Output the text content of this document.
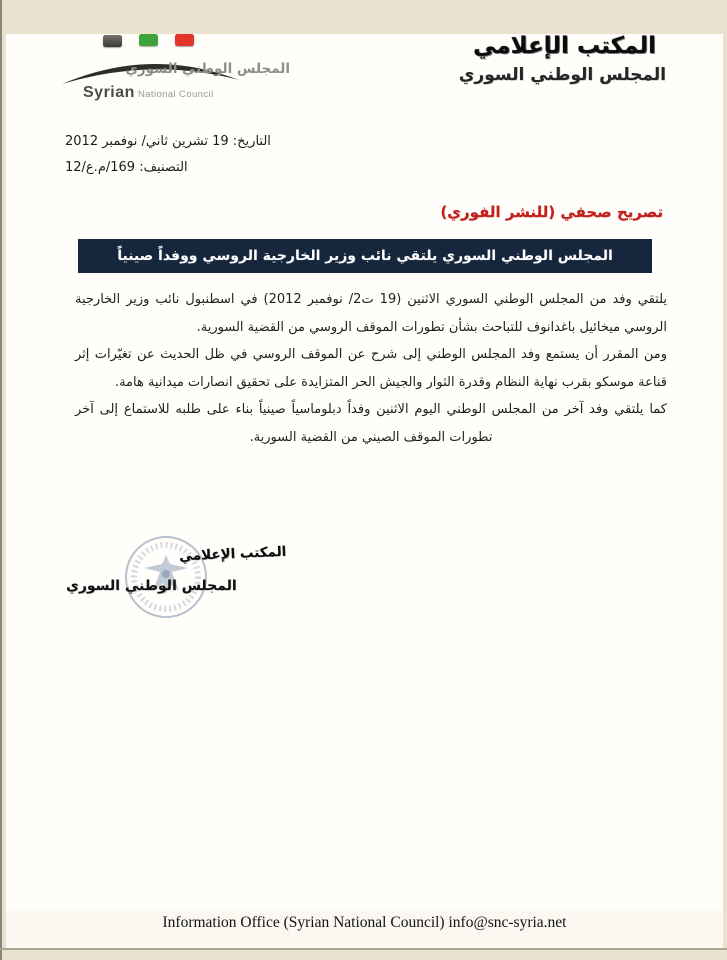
المجلس الوطني السوري
Syrian National Council
المكتب الإعلامي
المجلس الوطني السوري
التاريخ: 19 تشرين ثاني/ نوفمبر 2012
التصنيف: 169/م.ع/12
تصريح صحفي (للنشر الفوري)
المجلس الوطني السوري يلتقي نائب وزير الخارجية الروسي ووفداً صينياً

يلتقي وفد من المجلس الوطني السوري الاثنين (19 ت2/ نوفمبر 2012) في اسطنبول نائب وزير الخارجية الروسي ميخائيل باغدانوف للتباحث بشأن تطورات الموقف الروسي من القضية السورية.

ومن المقرر أن يستمع وفد المجلس الوطني إلى شرح عن الموقف الروسي في ظل الحديث عن تغيّرات إثر قناعة موسكو بقرب نهاية النظام وقدرة الثوار والجيش الحر المتزايدة على تحقيق انصارات ميدانية هامة.

كما يلتقي وفد آخر من المجلس الوطني اليوم الاثنين وفداً دبلوماسياً صينياً بناء على طلبه للاستماع إلى آخر تطورات الموقف الصيني من القضية السورية.

المكتب الإعلامي
المجلس الوطني السوري
Information Office (Syrian National Council) info@snc-syria.net
